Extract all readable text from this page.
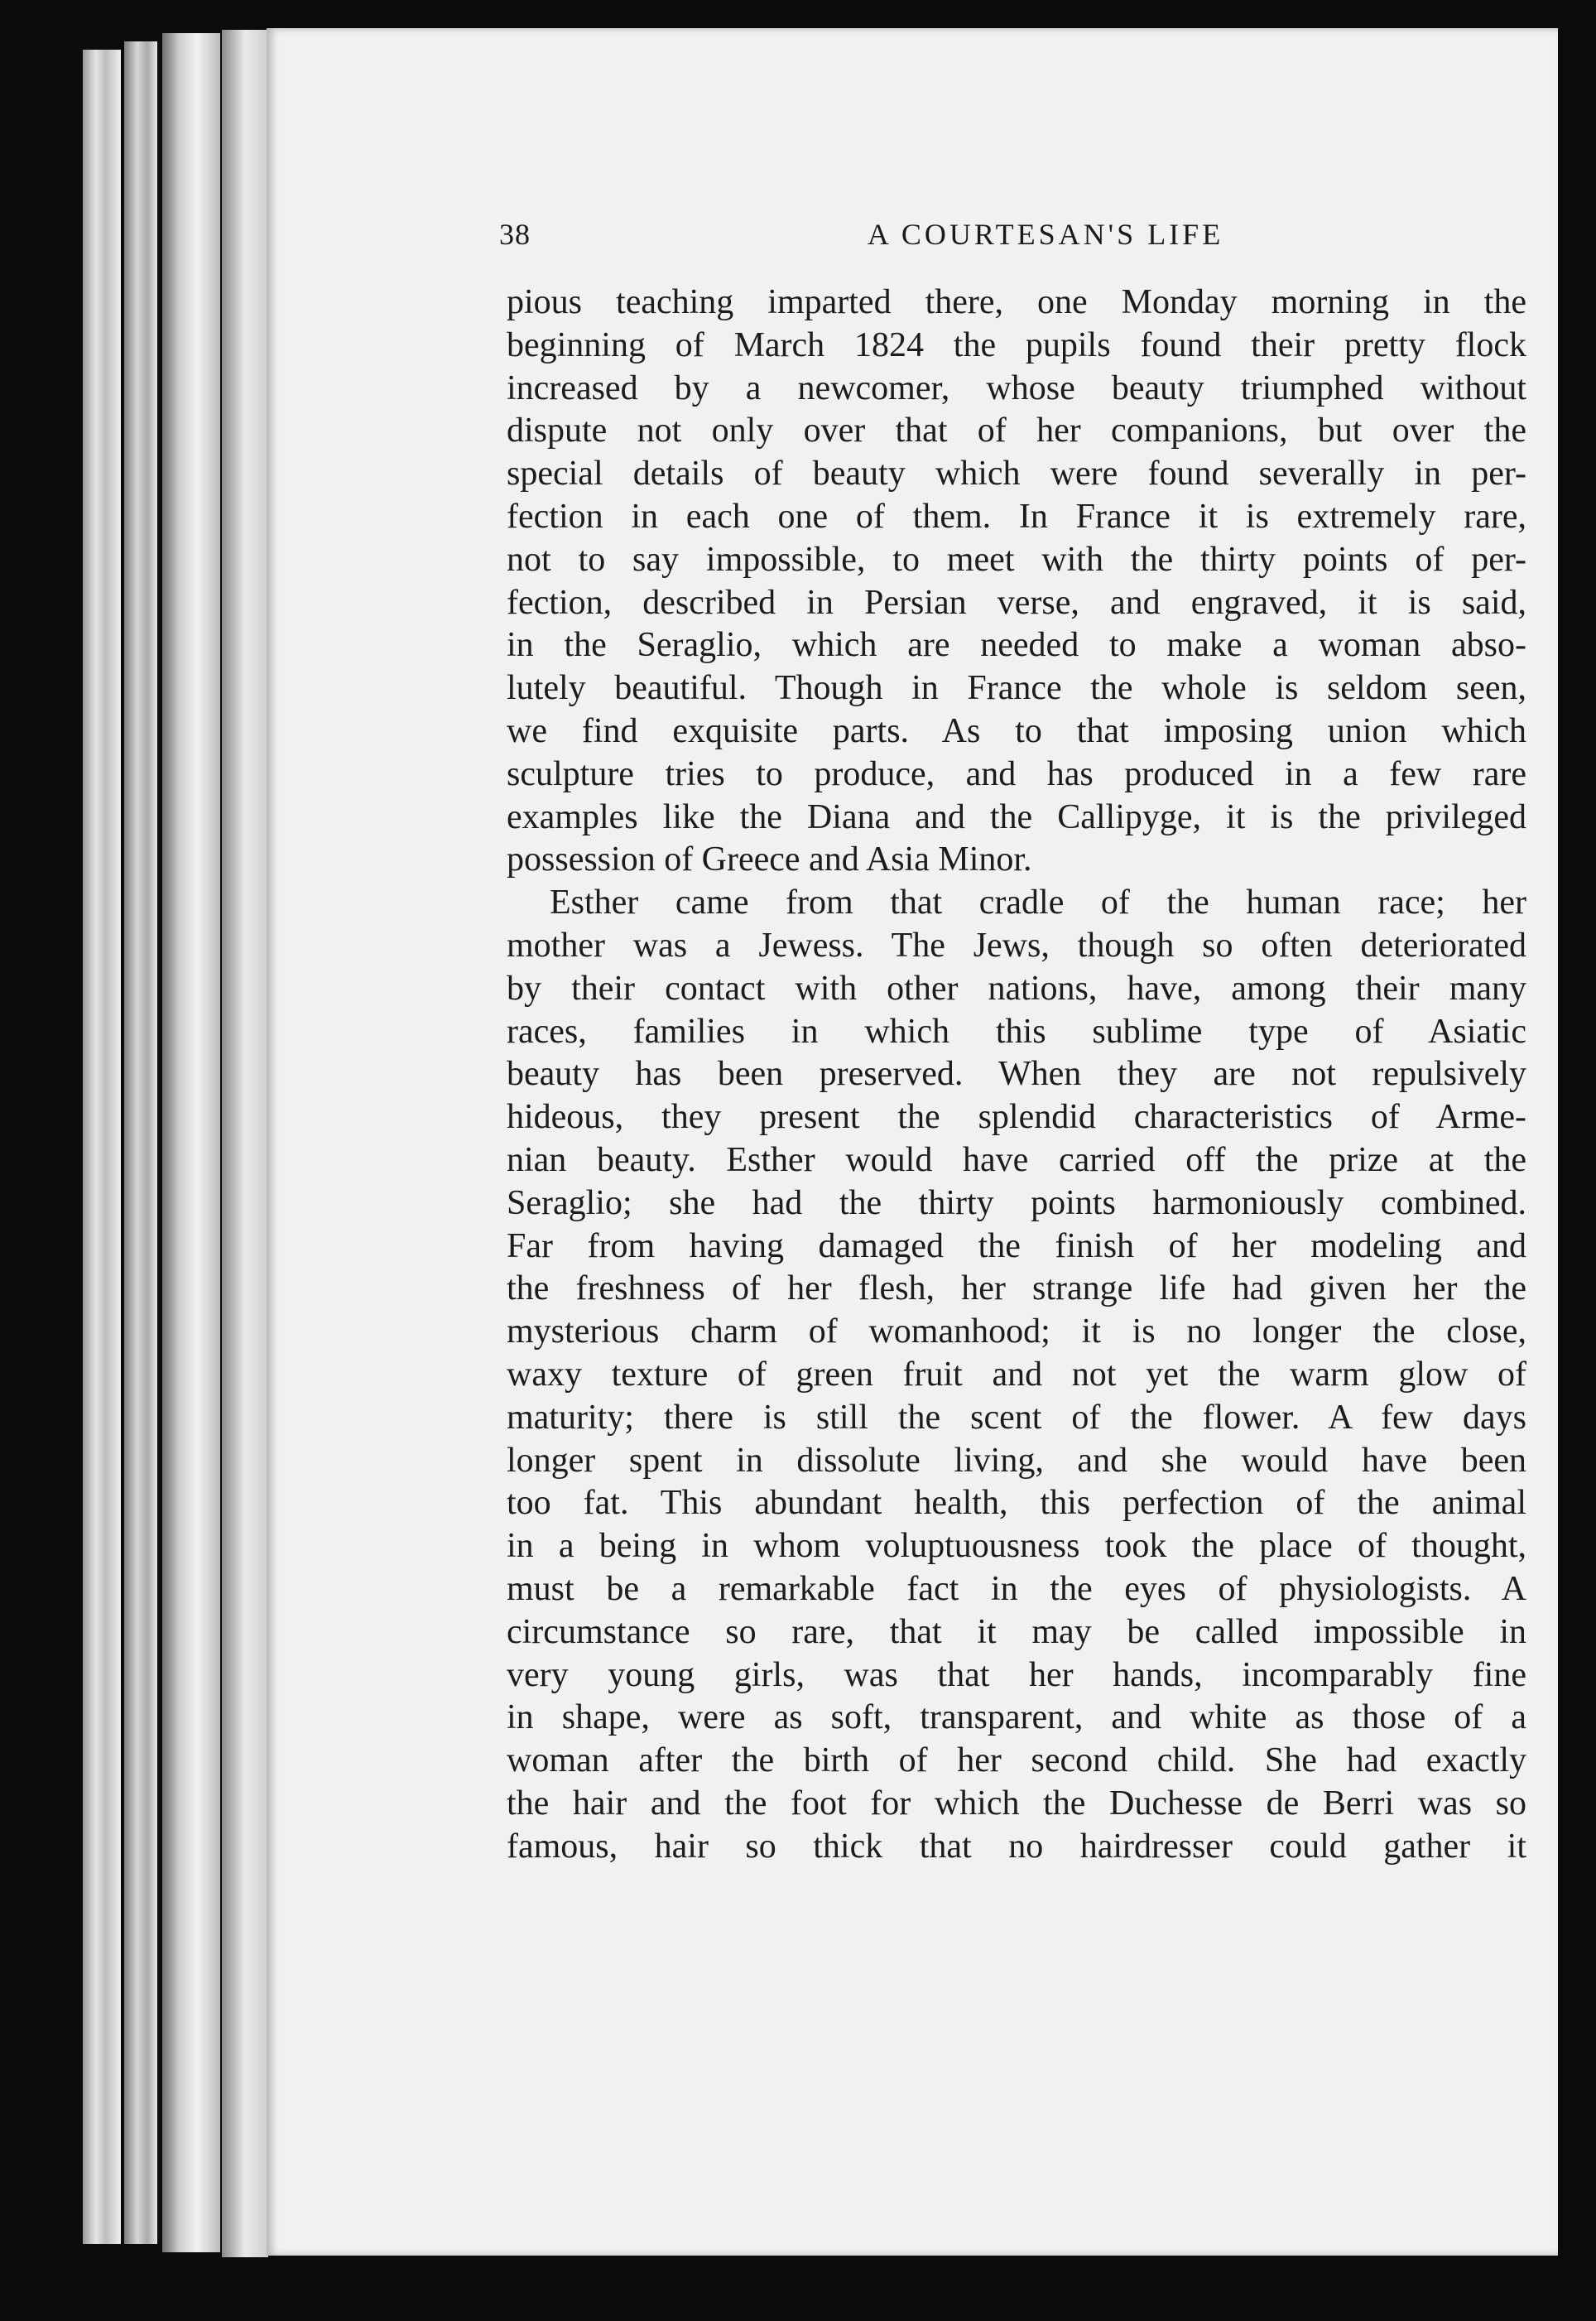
38	A COURTESAN'S LIFE
pious teaching imparted there, one Monday morning in the
beginning of March 1824 the pupils found their pretty flock
increased by a newcomer, whose beauty triumphed without
dispute not only over that of her companions, but over the
special details of beauty which were found severally in per-
fection in each one of them. In France it is extremely rare,
not to say impossible, to meet with the thirty points of per-
fection, described in Persian verse, and engraved, it is said,
in the Seraglio, which are needed to make a woman abso-
lutely beautiful. Though in France the whole is seldom seen,
we find exquisite parts. As to that imposing union which
sculpture tries to produce, and has produced in a few rare
examples like the Diana and the Callipyge, it is the privileged
possession of Greece and Asia Minor.
Esther came from that cradle of the human race; her
mother was a Jewess. The Jews, though so often deteriorated
by their contact with other nations, have, among their many
races, families in which this sublime type of Asiatic
beauty has been preserved. When they are not repulsively
hideous, they present the splendid characteristics of Arme-
nian beauty. Esther would have carried off the prize at the
Seraglio; she had the thirty points harmoniously combined.
Far from having damaged the finish of her modeling and
the freshness of her flesh, her strange life had given her the
mysterious charm of womanhood; it is no longer the close,
waxy texture of green fruit and not yet the warm glow of
maturity; there is still the scent of the flower. A few days
longer spent in dissolute living, and she would have been
too fat. This abundant health, this perfection of the animal
in a being in whom voluptuousness took the place of thought,
must be a remarkable fact in the eyes of physiologists. A
circumstance so rare, that it may be called impossible in
very young girls, was that her hands, incomparably fine
in shape, were as soft, transparent, and white as those of a
woman after the birth of her second child. She had exactly
the hair and the foot for which the Duchesse de Berri was so
famous, hair so thick that no hairdresser could gather it
